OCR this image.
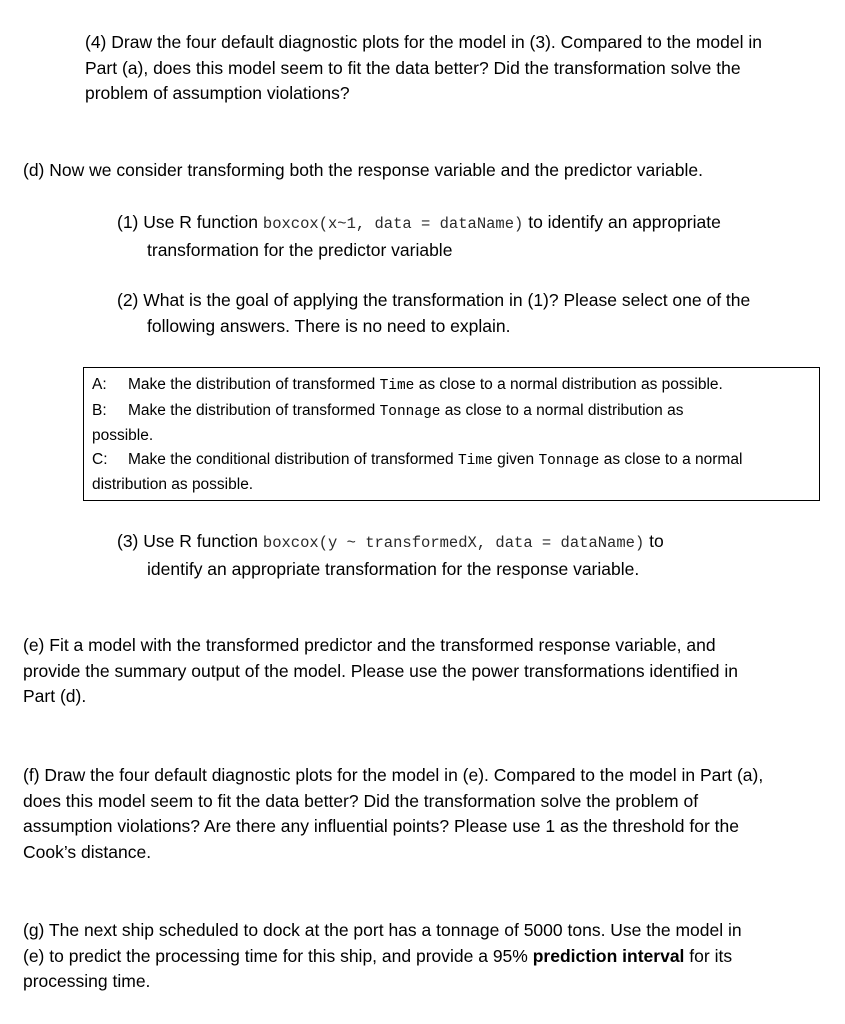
(4) Draw the four default diagnostic plots for the model in (3). Compared to the model in
Part (a), does this model seem to fit the data better? Did the transformation solve the
problem of assumption violations?
(d) Now we consider transforming both the response variable and the predictor variable.
(1) Use R function boxcox(x~1, data = dataName) to identify an appropriate
transformation for the predictor variable
(2) What is the goal of applying the transformation in (1)? Please select one of the
following answers. There is no need to explain.
A: Make the distribution of transformed Time as close to a normal distribution as possible.
B: Make the distribution of transformed Tonnage as close to a normal distribution as
possible.
C: Make the conditional distribution of transformed Time given Tonnage as close to a normal
distribution as possible.
(3) Use R function boxcox(y ~ transformedX, data = dataName) to
identify an appropriate transformation for the response variable.
(e) Fit a model with the transformed predictor and the transformed response variable, and
provide the summary output of the model. Please use the power transformations identified in
Part (d).
(f) Draw the four default diagnostic plots for the model in (e). Compared to the model in Part (a),
does this model seem to fit the data better? Did the transformation solve the problem of
assumption violations? Are there any influential points? Please use 1 as the threshold for the
Cook’s distance.
(g) The next ship scheduled to dock at the port has a tonnage of 5000 tons. Use the model in
(e) to predict the processing time for this ship, and provide a 95% prediction interval for its
processing time.
